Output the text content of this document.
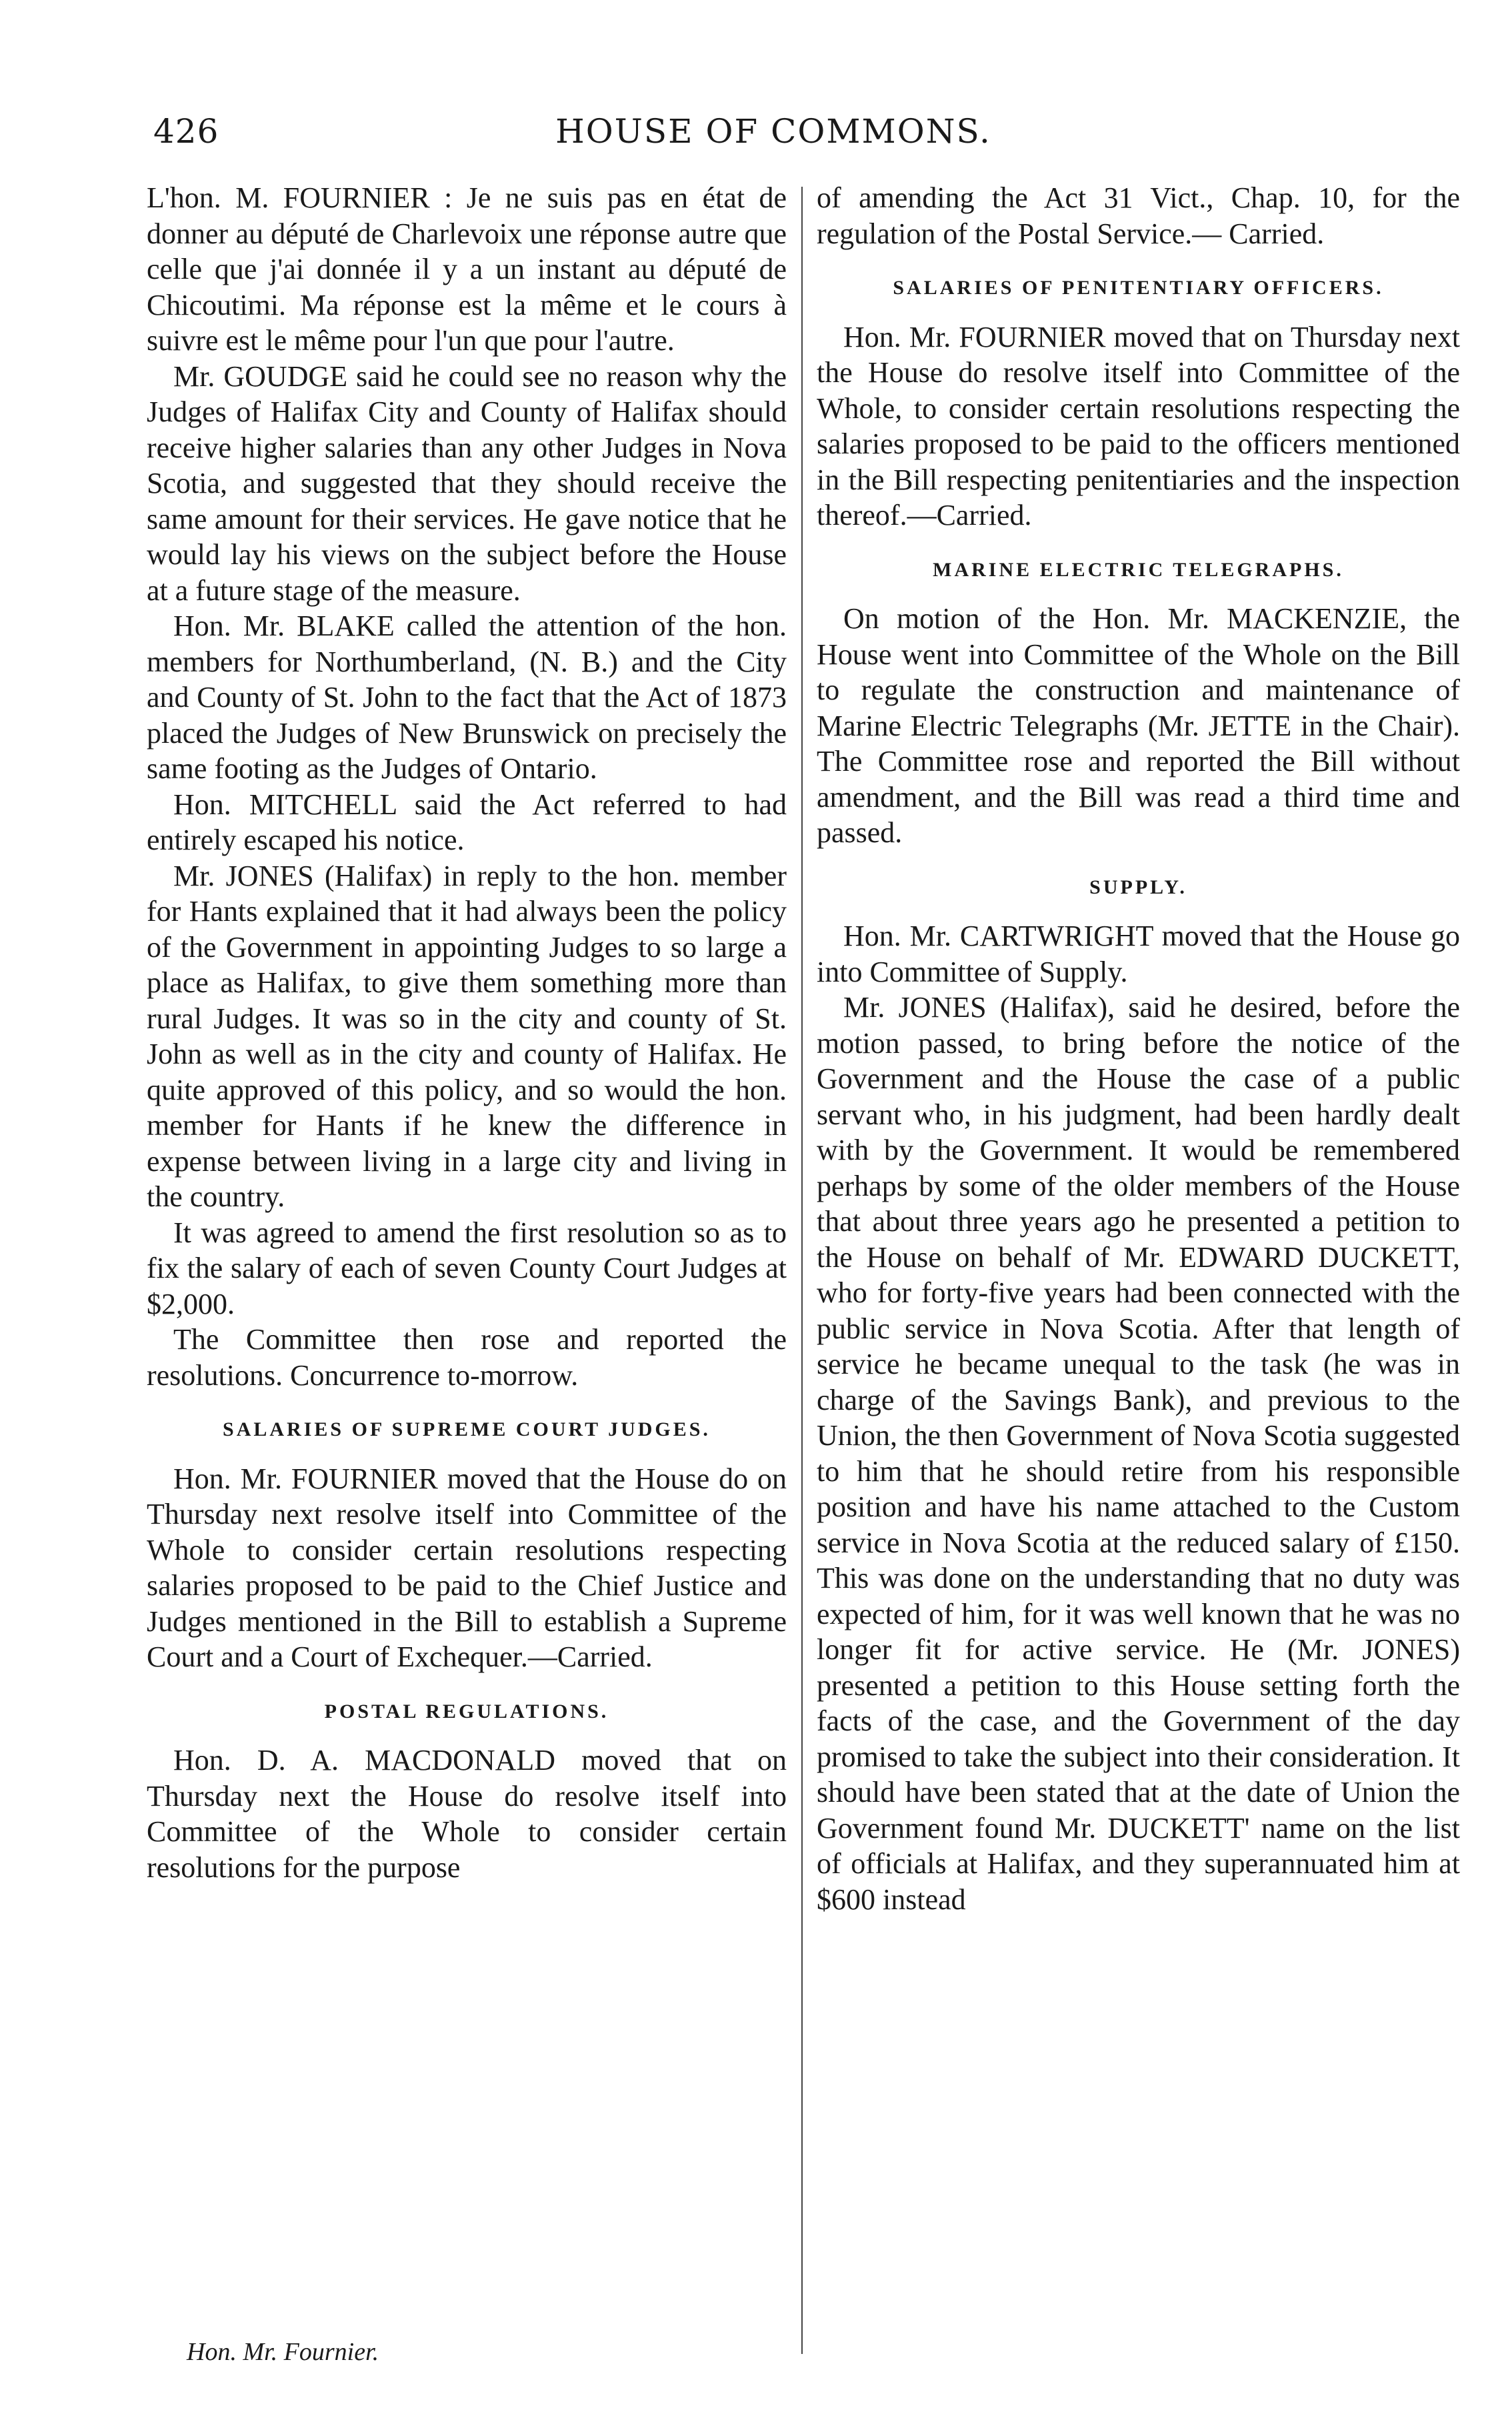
426	HOUSE OF COMMONS.

L'hon. M. FOURNIER : Je ne suis pas en état de donner au député de Charlevoix une réponse autre que celle que j'ai donnée il y a un instant au député de Chicoutimi. Ma réponse est la même et le cours à suivre est le même pour l'un que pour l'autre.

Mr. GOUDGE said he could see no reason why the Judges of Halifax City and County of Halifax should receive higher salaries than any other Judges in Nova Scotia, and suggested that they should receive the same amount for their services. He gave notice that he would lay his views on the subject before the House at a future stage of the measure.

Hon. Mr. BLAKE called the attention of the hon. members for Northumberland, (N. B.) and the City and County of St. John to the fact that the Act of 1873 placed the Judges of New Brunswick on precisely the same footing as the Judges of Ontario.

Hon. MITCHELL said the Act referred to had entirely escaped his notice.

Mr. JONES (Halifax) in reply to the hon. member for Hants explained that it had always been the policy of the Government in appointing Judges to so large a place as Halifax, to give them something more than rural Judges. It was so in the city and county of St. John as well as in the city and county of Halifax. He quite approved of this policy, and so would the hon. member for Hants if he knew the difference in expense between living in a large city and living in the country.

It was agreed to amend the first resolution so as to fix the salary of each of seven County Court Judges at $2,000.

The Committee then rose and reported the resolutions. Concurrence to-morrow.

SALARIES OF SUPREME COURT JUDGES.

Hon. Mr. FOURNIER moved that the House do on Thursday next resolve itself into Committee of the Whole to consider certain resolutions respecting salaries proposed to be paid to the Chief Justice and Judges mentioned in the Bill to establish a Supreme Court and a Court of Exchequer.—Carried.

POSTAL REGULATIONS.

Hon. D. A. MACDONALD moved that on Thursday next the House do resolve itself into Committee of the Whole to consider certain resolutions for the purpose

of amending the Act 31 Vict., Chap. 10, for the regulation of the Postal Service.— Carried.

SALARIES OF PENITENTIARY OFFICERS.

Hon. Mr. FOURNIER moved that on Thursday next the House do resolve itself into Committee of the Whole, to consider certain resolutions respecting the salaries proposed to be paid to the officers mentioned in the Bill respecting penitentiaries and the inspection thereof.—Carried.

MARINE ELECTRIC TELEGRAPHS.

On motion of the Hon. Mr. MACKENZIE, the House went into Committee of the Whole on the Bill to regulate the construction and maintenance of Marine Electric Telegraphs (Mr. JETTE in the Chair). The Committee rose and reported the Bill without amendment, and the Bill was read a third time and passed.

SUPPLY.

Hon. Mr. CARTWRIGHT moved that the House go into Committee of Supply.

Mr. JONES (Halifax), said he desired, before the motion passed, to bring before the notice of the Government and the House the case of a public servant who, in his judgment, had been hardly dealt with by the Government. It would be remembered perhaps by some of the older members of the House that about three years ago he presented a petition to the House on behalf of Mr. EDWARD DUCKETT, who for forty-five years had been connected with the public service in Nova Scotia. After that length of service he became unequal to the task (he was in charge of the Savings Bank), and previous to the Union, the then Government of Nova Scotia suggested to him that he should retire from his responsible position and have his name attached to the Custom service in Nova Scotia at the reduced salary of £150. This was done on the understanding that no duty was expected of him, for it was well known that he was no longer fit for active service. He (Mr. JONES) presented a petition to this House setting forth the facts of the case, and the Government of the day promised to take the subject into their consideration. It should have been stated that at the date of Union the Government found Mr. DUCKETT' name on the list of officials at Halifax, and they superannuated him at $600 instead

Hon. Mr. Fournier.
